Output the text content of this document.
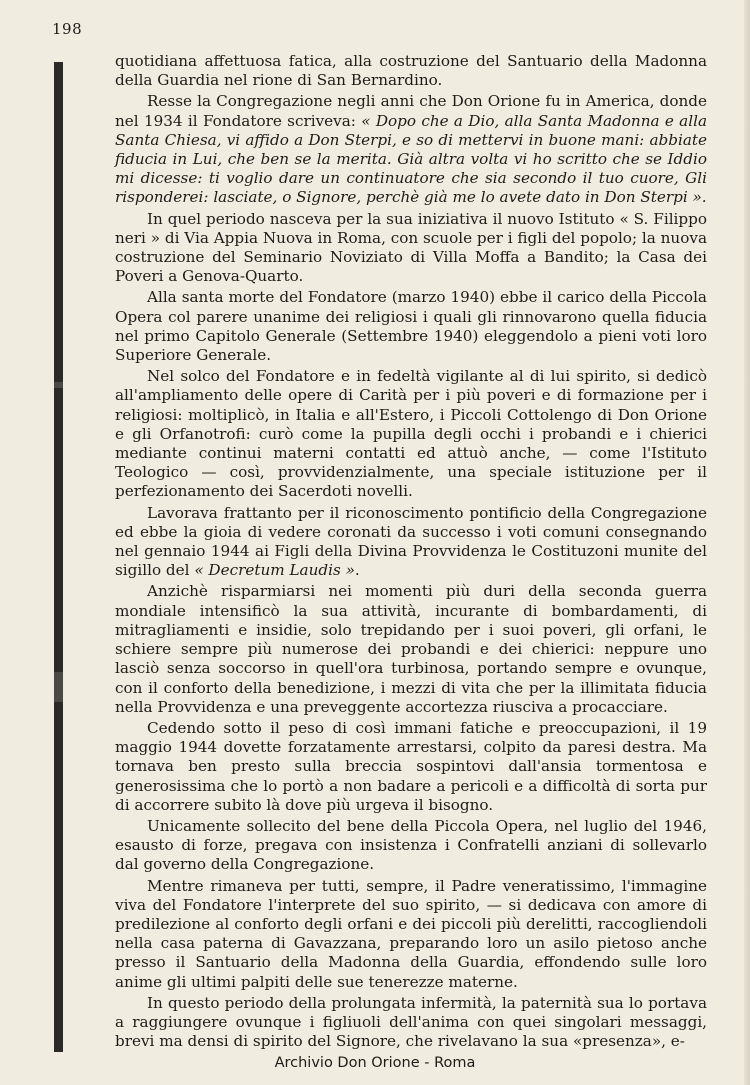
198

quotidiana affettuosa fatica, alla costruzione del Santuario della Madonna della Guardia nel rione di San Bernardino.

Resse la Congregazione negli anni che Don Orione fu in America, donde nel 1934 il Fondatore scriveva: « Dopo che a Dio, alla Santa Madonna e alla Santa Chiesa, vi affido a Don Sterpi, e so di mettervi in buone mani: abbiate fiducia in Lui, che ben se la merita. Già altra volta vi ho scritto che se Iddio mi dicesse: ti voglio dare un continuatore che sia secondo il tuo cuore, Gli risponderei: lasciate, o Signore, perchè già me lo avete dato in Don Sterpi ».

In quel periodo nasceva per la sua iniziativa il nuovo Istituto « S. Filippo neri » di Via Appia Nuova in Roma, con scuole per i figli del popolo; la nuova costruzione del Seminario Noviziato di Villa Moffa a Bandito; la Casa dei Poveri a Genova-Quarto.

Alla santa morte del Fondatore (marzo 1940) ebbe il carico della Piccola Opera col parere unanime dei religiosi i quali gli rinnovarono quella fiducia nel primo Capitolo Generale (Settembre 1940) eleggendolo a pieni voti loro Superiore Generale.

Nel solco del Fondatore e in fedeltà vigilante al di lui spirito, si dedicò all'ampliamento delle opere di Carità per i più poveri e di formazione per i religiosi: moltiplicò, in Italia e all'Estero, i Piccoli Cottolengo di Don Orione e gli Orfanotrofi: curò come la pupilla degli occhi i probandi e i chierici mediante continui materni contatti ed attuò anche, — come l'Istituto Teologico — così, provvidenzialmente, una speciale istituzione per il perfezionamento dei Sacerdoti novelli.

Lavorava frattanto per il riconoscimento pontificio della Congregazione ed ebbe la gioia di vedere coronati da successo i voti comuni consegnando nel gennaio 1944 ai Figli della Divina Provvidenza le Costituzoni munite del sigillo del « Decretum Laudis ».

Anzichè risparmiarsi nei momenti più duri della seconda guerra mondiale intensificò la sua attività, incurante di bombardamenti, di mitragliamenti e insidie, solo trepidando per i suoi poveri, gli orfani, le schiere sempre più numerose dei probandi e dei chierici: neppure uno lasciò senza soccorso in quell'ora turbinosa, portando sempre e ovunque, con il conforto della benedizione, i mezzi di vita che per la illimitata fiducia nella Provvidenza e una preveggente accortezza riusciva a procacciare.

Cedendo sotto il peso di così immani fatiche e preoccupazioni, il 19 maggio 1944 dovette forzatamente arrestarsi, colpito da paresi destra. Ma tornava ben presto sulla breccia sospintovi dall'ansia tormentosa e generosissima che lo portò a non badare a pericoli e a difficoltà di sorta pur di accorrere subito là dove più urgeva il bisogno.

Unicamente sollecito del bene della Piccola Opera, nel luglio del 1946, esausto di forze, pregava con insistenza i Confratelli anziani di sollevarlo dal governo della Congregazione.

Mentre rimaneva per tutti, sempre, il Padre veneratissimo, l'immagine viva del Fondatore l'interprete del suo spirito, — si dedicava con amore di predilezione al conforto degli orfani e dei piccoli più derelitti, raccogliendoli nella casa paterna di Gavazzana, preparando loro un asilo pietoso anche presso il Santuario della Madonna della Guardia, effondendo sulle loro anime gli ultimi palpiti delle sue tenerezze materne.

In questo periodo della prolungata infermità, la paternità sua lo portava a raggiungere ovunque i figliuoli dell'anima con quei singolari messaggi, brevi ma densi di spirito del Signore, che rivelavano la sua «presenza», e-

Archivio Don Orione - Roma
